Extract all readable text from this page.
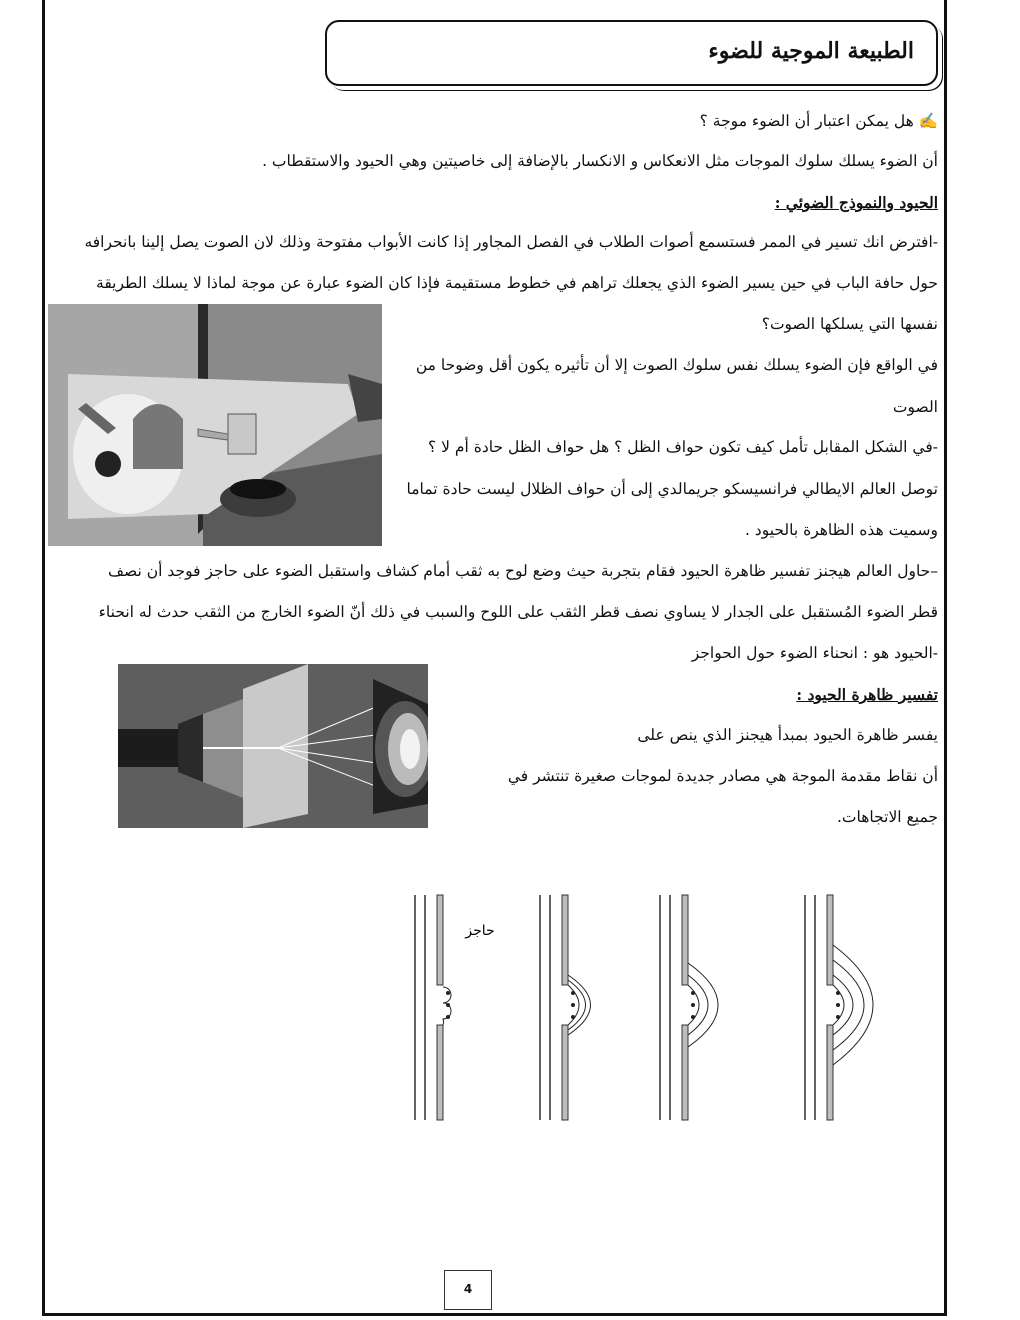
الطبيعة الموجية للضوء
✍ هل يمكن اعتبار أن الضوء موجة ؟
أن الضوء يسلك سلوك الموجات مثل الانعكاس و الانكسار بالإضافة إلى خاصيتين وهي الحيود والاستقطاب .
الحيود والنموذج الضوئي :
-افترض انك تسير في الممر فستسمع أصوات الطلاب في الفصل المجاور إذا كانت الأبواب مفتوحة وذلك لان الصوت يصل إلينا بانحرافه
حول حافة الباب في حين يسير الضوء الذي يجعلك تراهم في خطوط مستقيمة فإذا كان الضوء عبارة عن موجة لماذا لا يسلك الطريقة
نفسها التي يسلكها الصوت؟
في الواقع فإن الضوء يسلك نفس سلوك الصوت إلا أن تأثيره يكون أقل وضوحا من
الصوت
-في الشكل المقابل تأمل كيف تكون حواف الظل ؟ هل حواف الظل حادة أم لا ؟
توصل العالم الايطالي فرانسيسكو جريمالدي إلى أن حواف الظلال ليست حادة تماما
وسميت هذه الظاهرة بالحيود .
–حاول العالم هيجنز تفسير ظاهرة الحيود فقام بتجربة حيث وضع لوح به ثقب أمام كشاف واستقبل الضوء على حاجز فوجد أن نصف
قطر الضوء المُستقبل على الجدار لا يساوي نصف قطر الثقب على اللوح والسبب في ذلك أنّ الضوء الخارج من الثقب حدث له انحناء
-الحيود هو : انحناء الضوء حول الحواجز
تفسير ظاهرة الحيود :
يفسر ظاهرة الحيود بمبدأ هيجنز الذي ينص على
أن نقاط مقدمة الموجة هي مصادر جديدة لموجات صغيرة تنتشر في
جميع الاتجاهات.
حاجز
4
